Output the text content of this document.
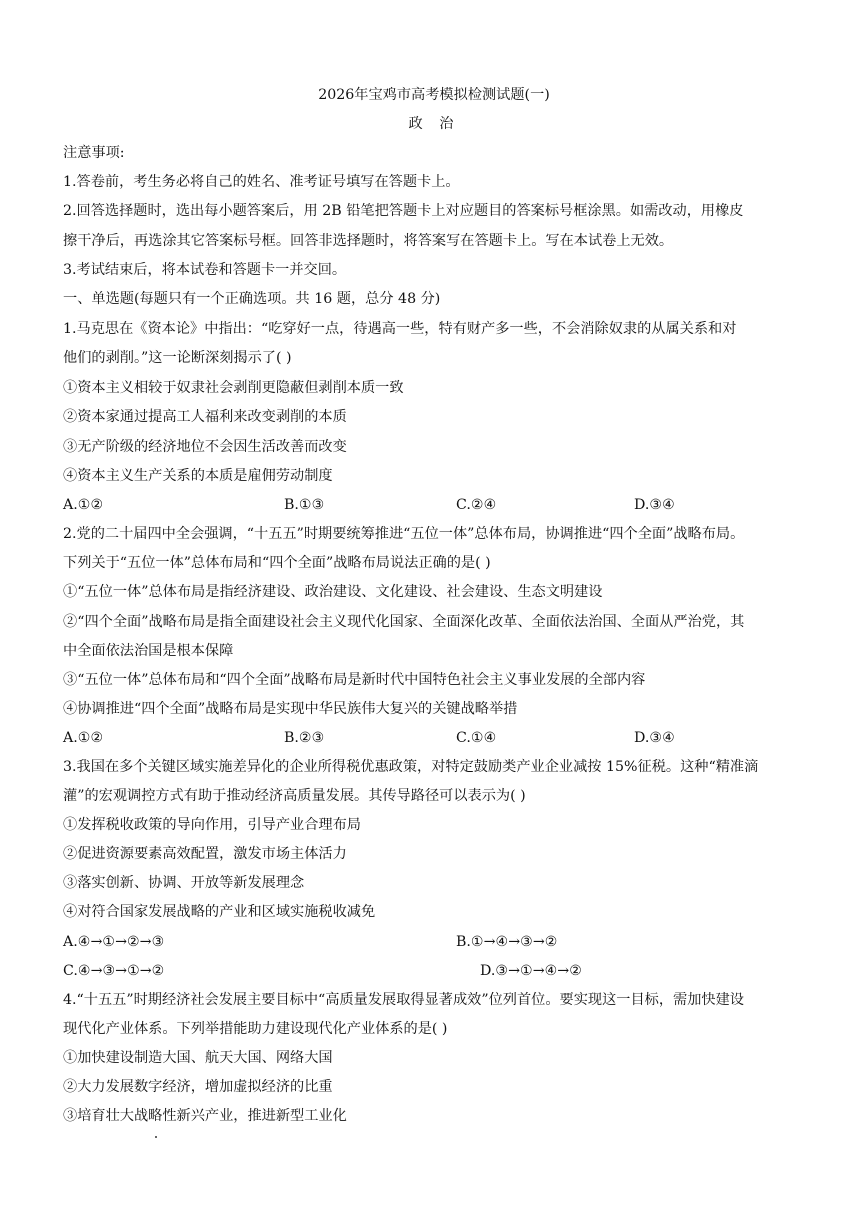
2026年宝鸡市高考模拟检测试题(一)
政 治
注意事项:
1.答卷前，考生务必将自己的姓名、准考证号填写在答题卡上。
2.回答选择题时，选出每小题答案后，用 2B 铅笔把答题卡上对应题目的答案标号框涂黑。如需改动，用橡皮
擦干净后，再选涂其它答案标号框。回答非选择题时，将答案写在答题卡上。写在本试卷上无效。
3.考试结束后，将本试卷和答题卡一并交回。
一、单选题(每题只有一个正确选项。共 16 题，总分 48 分)
1.马克思在《资本论》中指出：“吃穿好一点，待遇高一些，特有财产多一些，不会消除奴隶的从属关系和对
他们的剥削。”这一论断深刻揭示了( )
①资本主义相较于奴隶社会剥削更隐蔽但剥削本质一致
②资本家通过提高工人福利来改变剥削的本质
③无产阶级的经济地位不会因生活改善而改变
④资本主义生产关系的本质是雇佣劳动制度
A.①②	B.①③	C.②④	D.③④
2.党的二十届四中全会强调，“十五五”时期要统筹推进“五位一体”总体布局，协调推进“四个全面”战略布局。
下列关于“五位一体”总体布局和“四个全面”战略布局说法正确的是( )
①“五位一体”总体布局是指经济建设、政治建设、文化建设、社会建设、生态文明建设
②“四个全面”战略布局是指全面建设社会主义现代化国家、全面深化改革、全面依法治国、全面从严治党，其
中全面依法治国是根本保障
③“五位一体”总体布局和“四个全面”战略布局是新时代中国特色社会主义事业发展的全部内容
④协调推进“四个全面”战略布局是实现中华民族伟大复兴的关键战略举措
A.①②	B.②③	C.①④	D.③④
3.我国在多个关键区域实施差异化的企业所得税优惠政策，对特定鼓励类产业企业减按 15%征税。这种“精准滴
灌”的宏观调控方式有助于推动经济高质量发展。其传导路径可以表示为( )
①发挥税收政策的导向作用，引导产业合理布局
②促进资源要素高效配置，激发市场主体活力
③落实创新、协调、开放等新发展理念
④对符合国家发展战略的产业和区域实施税收减免
A.④→①→②→③	B.①→④→③→②
C.④→③→①→②	D.③→①→④→②
4.“十五五”时期经济社会发展主要目标中“高质量发展取得显著成效”位列首位。要实现这一目标，需加快建设
现代化产业体系。下列举措能助力建设现代化产业体系的是( )
①加快建设制造大国、航天大国、网络大国
②大力发展数字经济，增加虚拟经济的比重
③培育壮大战略性新兴产业，推进新型工业化
